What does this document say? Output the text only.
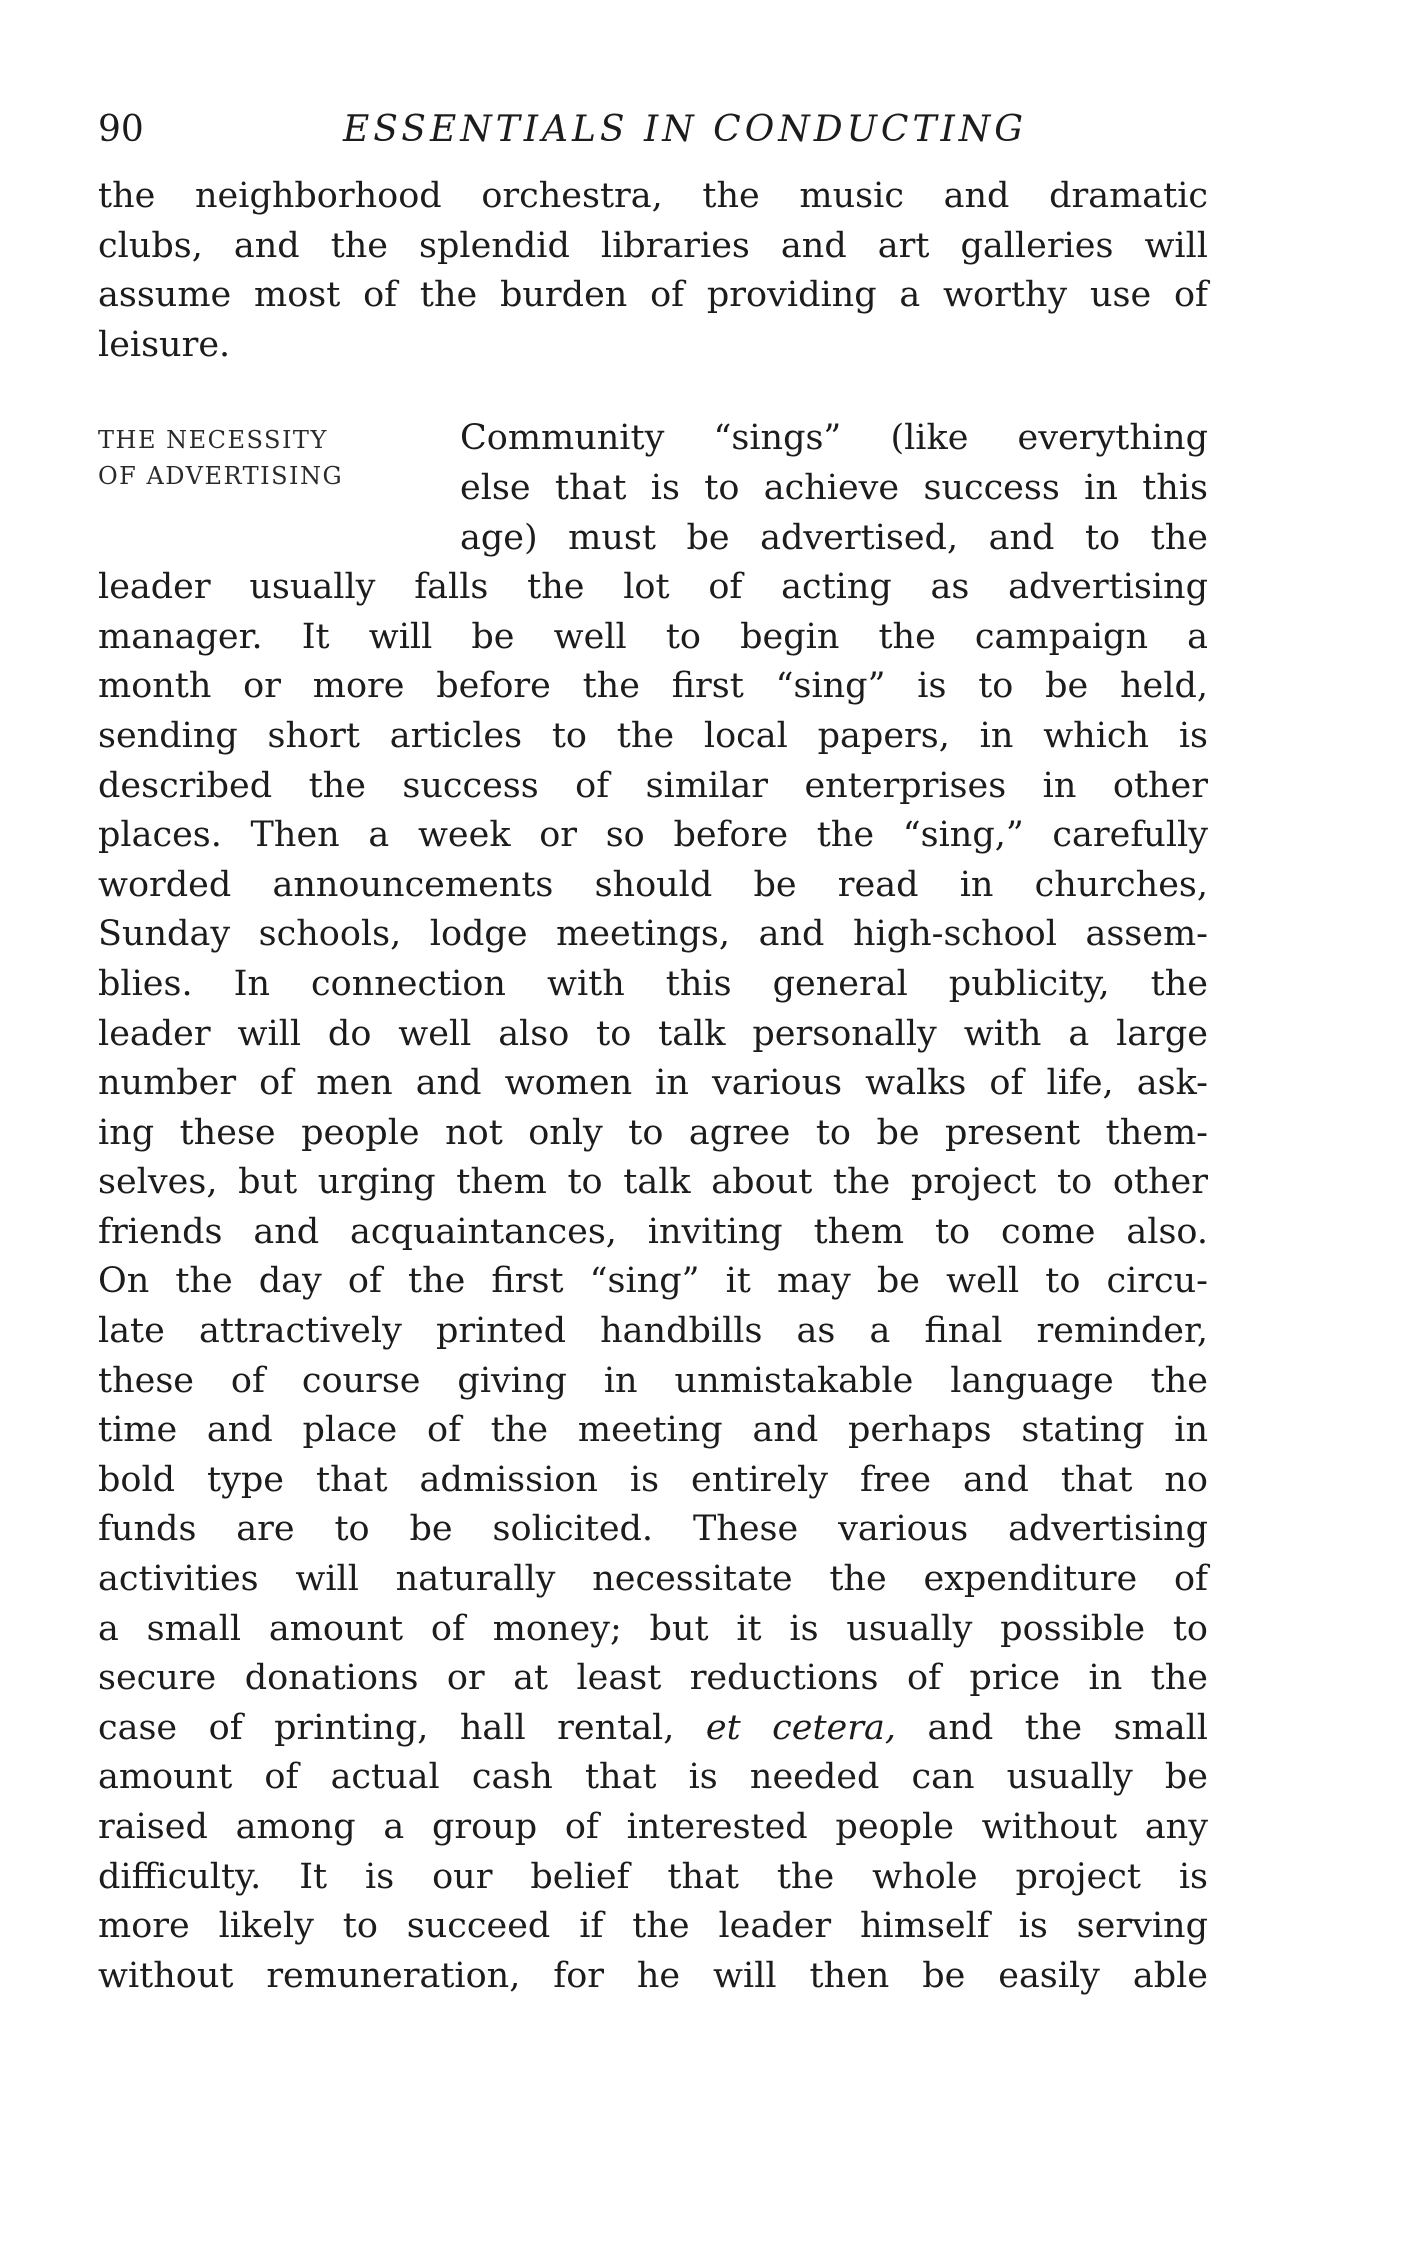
90	ESSENTIALS IN CONDUCTING
the neighborhood orchestra, the music and dramatic
clubs, and the splendid libraries and art galleries will
assume most of the burden of providing a worthy use of
leisure.
THE NECESSITY
OF ADVERTISING
Community “sings” (like everything
else that is to achieve success in this
age) must be advertised, and to the
leader usually falls the lot of acting as advertising
manager. It will be well to begin the campaign a
month or more before the first “sing” is to be held,
sending short articles to the local papers, in which is
described the success of similar enterprises in other
places. Then a week or so before the “sing,” carefully
worded announcements should be read in churches,
Sunday schools, lodge meetings, and high-school assem-
blies. In connection with this general publicity, the
leader will do well also to talk personally with a large
number of men and women in various walks of life, ask-
ing these people not only to agree to be present them-
selves, but urging them to talk about the project to other
friends and acquaintances, inviting them to come also.
On the day of the first “sing” it may be well to circu-
late attractively printed handbills as a final reminder,
these of course giving in unmistakable language the
time and place of the meeting and perhaps stating in
bold type that admission is entirely free and that no
funds are to be solicited. These various advertising
activities will naturally necessitate the expenditure of
a small amount of money; but it is usually possible to
secure donations or at least reductions of price in the
case of printing, hall rental, et cetera, and the small
amount of actual cash that is needed can usually be
raised among a group of interested people without any
difficulty. It is our belief that the whole project is
more likely to succeed if the leader himself is serving
without remuneration, for he will then be easily able
